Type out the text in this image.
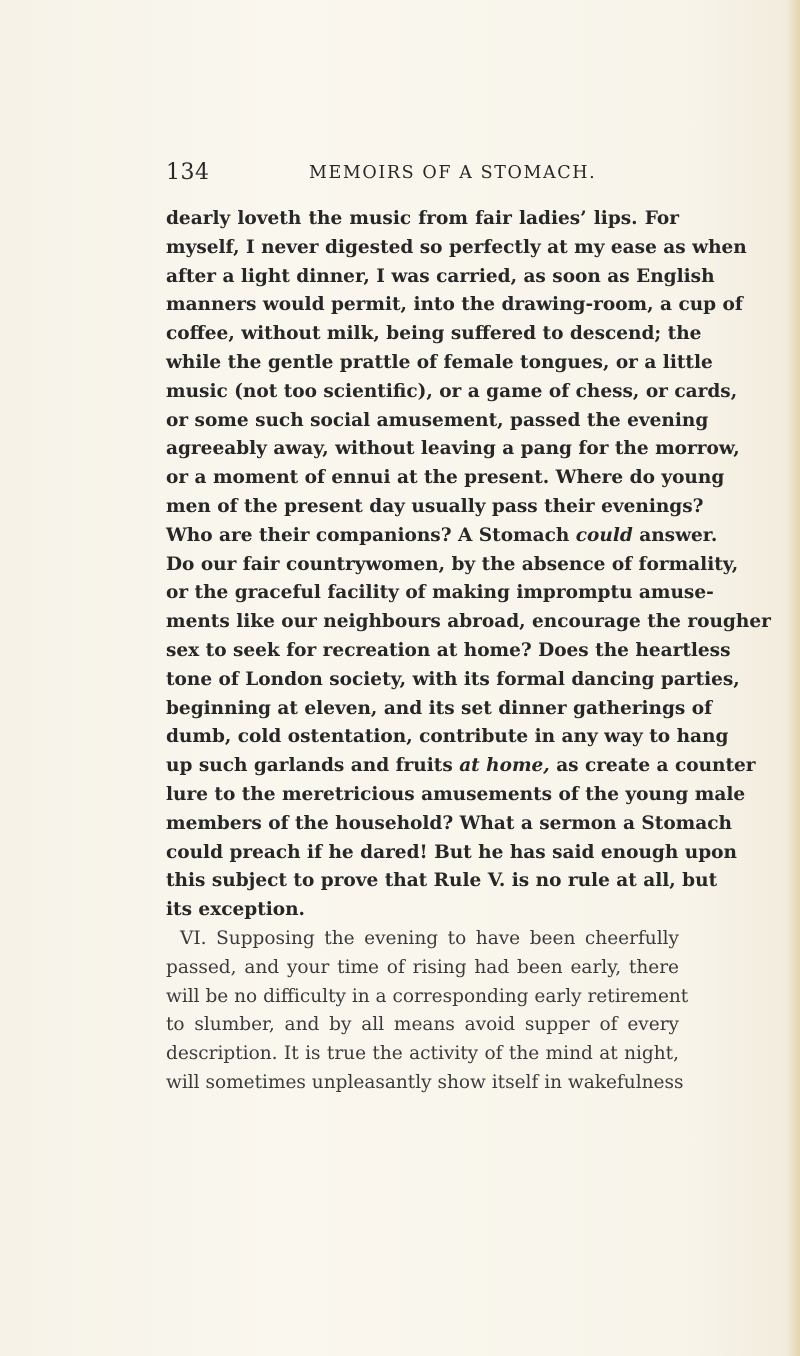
134	MEMOIRS OF A STOMACH.
dearly loveth the music from fair ladies’ lips. For
myself, I never digested so perfectly at my ease as when
after a light dinner, I was carried, as soon as English
manners would permit, into the drawing-room, a cup of
coffee, without milk, being suffered to descend; the
while the gentle prattle of female tongues, or a little
music (not too scientific), or a game of chess, or cards,
or some such social amusement, passed the evening
agreeably away, without leaving a pang for the morrow,
or a moment of ennui at the present. Where do young
men of the present day usually pass their evenings?
Who are their companions? A Stomach could answer.
Do our fair countrywomen, by the absence of formality,
or the graceful facility of making impromptu amuse-
ments like our neighbours abroad, encourage the rougher
sex to seek for recreation at home? Does the heartless
tone of London society, with its formal dancing parties,
beginning at eleven, and its set dinner gatherings of
dumb, cold ostentation, contribute in any way to hang
up such garlands and fruits at home, as create a counter
lure to the meretricious amusements of the young male
members of the household? What a sermon a Stomach
could preach if he dared! But he has said enough upon
this subject to prove that Rule V. is no rule at all, but
its exception.
VI. Supposing the evening to have been cheerfully
passed, and your time of rising had been early, there
will be no difficulty in a corresponding early retirement
to slumber, and by all means avoid supper of every
description. It is true the activity of the mind at night,
will sometimes unpleasantly show itself in wakefulness
